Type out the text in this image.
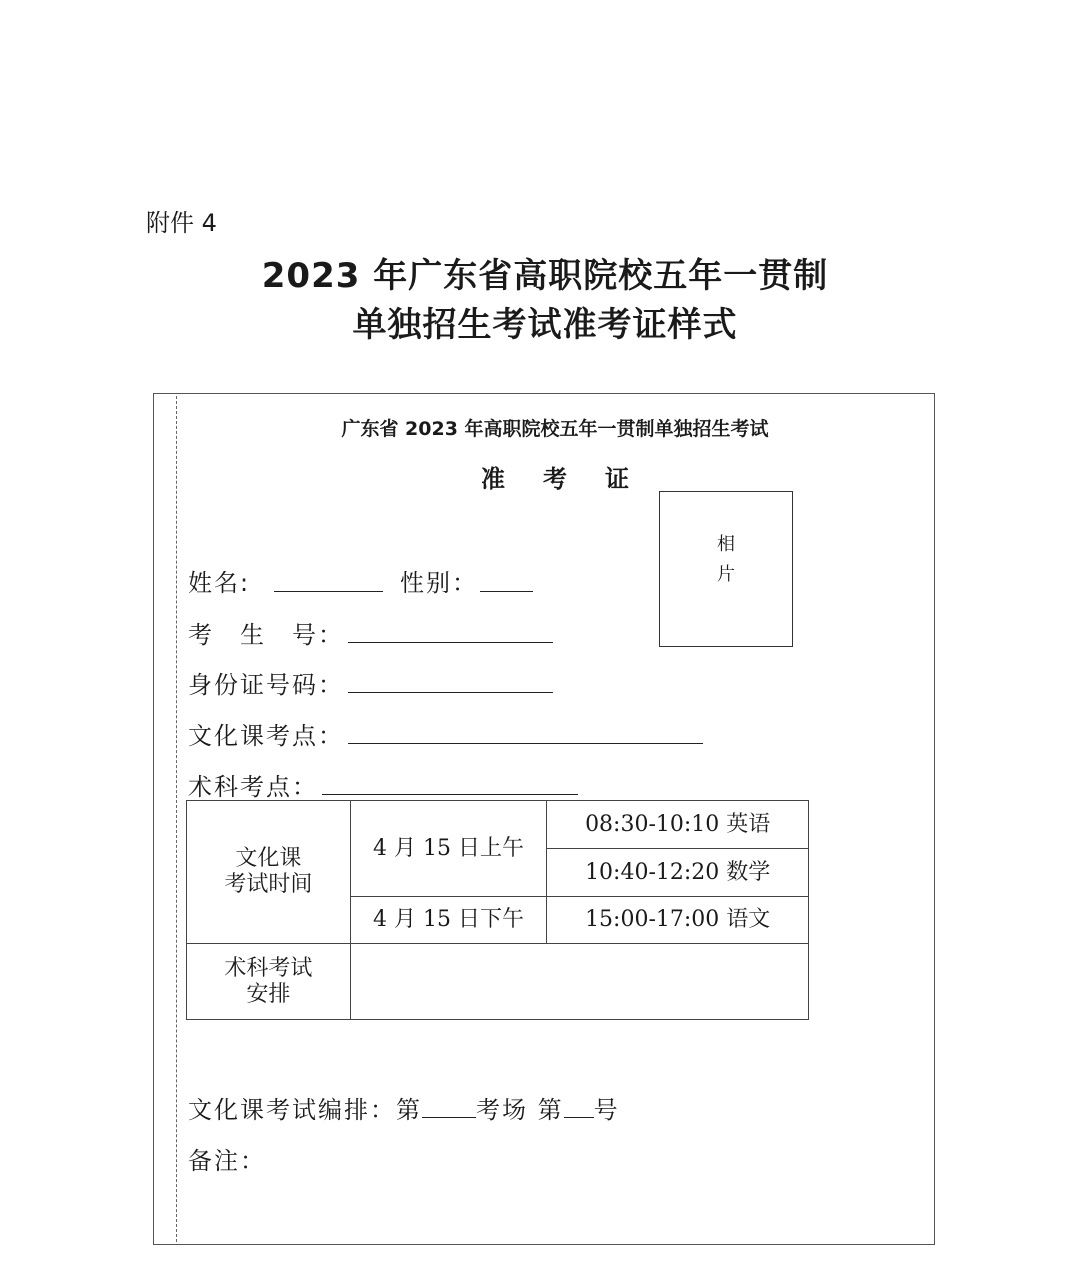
附件 4
2023 年广东省高职院校五年一贯制
单独招生考试准考证样式
广东省 2023 年高职院校五年一贯制单独招生考试
准考证
相片
姓名:	性别：
考　生　号：
身份证号码：
文化课考点：
术科考点：
文化课
考试时间	4 月 15 日上午	08:30-10:10 英语
		10:40-12:20 数学
	4 月 15 日下午	15:00-17:00 语文

术科考试
安排		

文化课考试编排：第 考场 第 号
备注：
